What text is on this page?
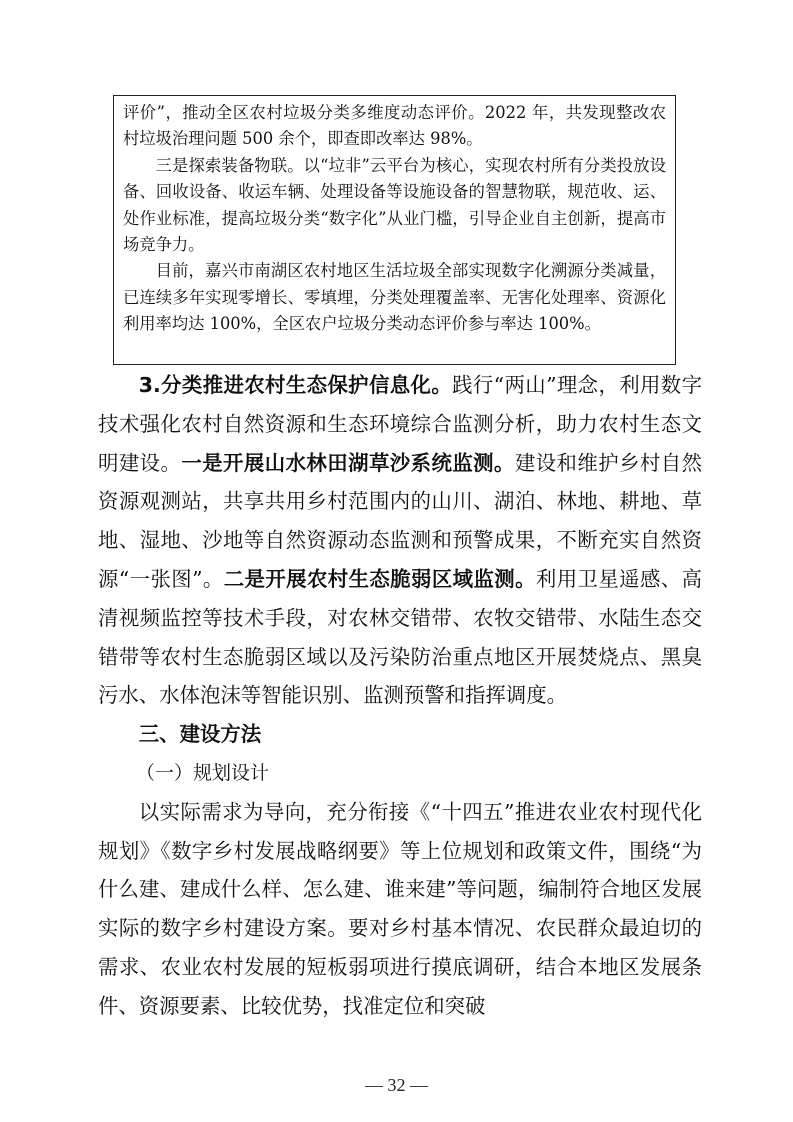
评价”，推动全区农村垃圾分类多维度动态评价。2022 年，共发现整改农村垃圾治理问题 500 余个，即查即改率达 98%。

三是探索装备物联。以“垃非”云平台为核心，实现农村所有分类投放设备、回收设备、收运车辆、处理设备等设施设备的智慧物联，规范收、运、处作业标准，提高垃圾分类“数字化”从业门槛，引导企业自主创新，提高市场竞争力。

目前，嘉兴市南湖区农村地区生活垃圾全部实现数字化溯源分类减量，已连续多年实现零增长、零填埋，分类处理覆盖率、无害化处理率、资源化利用率均达 100%，全区农户垃圾分类动态评价参与率达 100%。

3.分类推进农村生态保护信息化。践行“两山”理念，利用数字技术强化农村自然资源和生态环境综合监测分析，助力农村生态文明建设。一是开展山水林田湖草沙系统监测。建设和维护乡村自然资源观测站，共享共用乡村范围内的山川、湖泊、林地、耕地、草地、湿地、沙地等自然资源动态监测和预警成果，不断充实自然资源“一张图”。二是开展农村生态脆弱区域监测。利用卫星遥感、高清视频监控等技术手段，对农林交错带、农牧交错带、水陆生态交错带等农村生态脆弱区域以及污染防治重点地区开展焚烧点、黑臭污水、水体泡沫等智能识别、监测预警和指挥调度。

三、建设方法

（一）规划设计

以实际需求为导向，充分衔接《“十四五”推进农业农村现代化规划》《数字乡村发展战略纲要》等上位规划和政策文件，围绕“为什么建、建成什么样、怎么建、谁来建”等问题，编制符合地区发展实际的数字乡村建设方案。要对乡村基本情况、农民群众最迫切的需求、农业农村发展的短板弱项进行摸底调研，结合本地区发展条件、资源要素、比较优势，找准定位和突破

— 32 —
